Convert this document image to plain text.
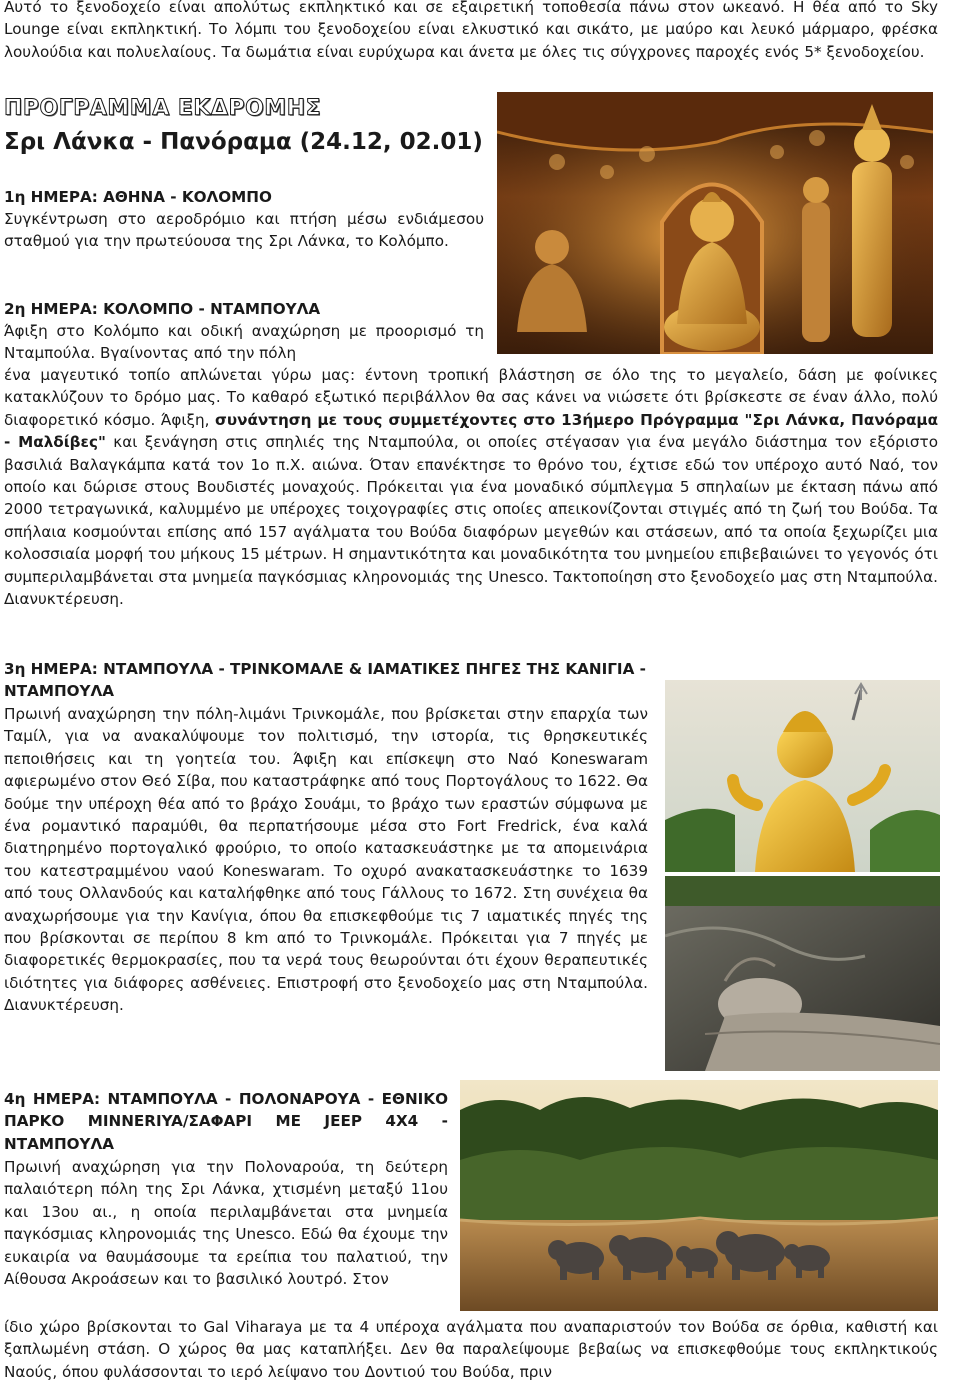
Αυτό το ξενοδοχείο είναι απολύτως εκπληκτικό και σε εξαιρετική τοποθεσία πάνω στον ωκεανό. Η θέα από το Sky Lounge είναι εκπληκτική. Το λόμπι του ξενοδοχείου είναι ελκυστικό και σικάτο, με μαύρο και λευκό μάρμαρο, φρέσκα λουλούδια και πολυελαίους. Τα δωμάτια είναι ευρύχωρα και άνετα με όλες τις σύγχρονες παροχές ενός 5* ξενοδοχείου.

ΠΡΟΓΡΑΜΜΑ ΕΚΔΡΟΜΗΣ
Σρι Λάνκα - Πανόραμα (24.12, 02.01)

1η ΗΜΕΡΑ: ΑΘΗΝΑ - ΚΟΛΟΜΠΟ

Συγκέντρωση στο αεροδρόμιο και πτήση μέσω ενδιάμεσου σταθμού για την πρωτεύουσα της Σρι Λάνκα, το Κολόμπο.

2η ΗΜΕΡΑ: ΚΟΛΟΜΠΟ - ΝΤΑΜΠΟΥΛΑ

Άφιξη στο Κολόμπο και οδική αναχώρηση με προορισμό τη Νταμπούλα. Βγαίνοντας από την πόλη

ένα μαγευτικό τοπίο απλώνεται γύρω μας: έντονη τροπική βλάστηση σε όλο της το μεγαλείο, δάση με φοίνικες κατακλύζουν το δρόμο μας. Το καθαρό εξωτικό περιβάλλον θα σας κάνει να νιώσετε ότι βρίσκεστε σε έναν άλλο, πολύ διαφορετικό κόσμο. Άφιξη, συνάντηση με τους συμμετέχοντες στο 13ήμερο Πρόγραμμα "Σρι Λάνκα, Πανόραμα - Μαλδίβες" και ξενάγηση στις σπηλιές της Νταμπούλα, οι οποίες στέγασαν για ένα μεγάλο διάστημα τον εξόριστο βασιλιά Βαλαγκάμπα κατά τον 1ο π.Χ. αιώνα. Όταν επανέκτησε το θρόνο του, έχτισε εδώ τον υπέροχο αυτό Ναό, τον οποίο και δώρισε στους Βουδιστές μοναχούς. Πρόκειται για ένα μοναδικό σύμπλεγμα 5 σπηλαίων με έκταση πάνω από 2000 τετραγωνικά, καλυμμένο με υπέροχες τοιχογραφίες στις οποίες απεικονίζονται στιγμές από τη ζωή του Βούδα. Τα σπήλαια κοσμούνται επίσης από 157 αγάλματα του Βούδα διαφόρων μεγεθών και στάσεων, από τα οποία ξεχωρίζει μια κολοσσιαία μορφή του μήκους 15 μέτρων. Η σημαντικότητα και μοναδικότητα του μνημείου επιβεβαιώνει το γεγονός ότι συμπεριλαμβάνεται στα μνημεία παγκόσμιας κληρονομιάς της Unesco. Τακτοποίηση στο ξενοδοχείο μας στη Νταμπούλα. Διανυκτέρευση.

3η ΗΜΕΡΑ: ΝΤΑΜΠΟΥΛΑ - ΤΡΙΝΚΟΜΑΛΕ & ΙΑΜΑΤΙΚΕΣ ΠΗΓΕΣ ΤΗΣ ΚΑΝΙΓΙΑ - ΝΤΑΜΠΟΥΛΑ

Πρωινή αναχώρηση την πόλη-λιμάνι Τρινκομάλε, που βρίσκεται στην επαρχία των Ταμίλ, για να ανακαλύψουμε τον πολιτισμό, την ιστορία, τις θρησκευτικές πεποιθήσεις και τη γοητεία του. Άφιξη και επίσκεψη στο Ναό Koneswaram αφιερωμένο στον Θεό Σίβα, που καταστράφηκε από τους Πορτογάλους το 1622. Θα δούμε την υπέροχη θέα από το βράχο Σουάμι, το βράχο των εραστών σύμφωνα με ένα ρομαντικό παραμύθι, θα περπατήσουμε μέσα στο Fort Fredrick, ένα καλά διατηρημένο πορτογαλικό φρούριο, το οποίο κατασκευάστηκε με τα απομεινάρια του κατεστραμμένου ναού Koneswaram. Το οχυρό ανακατασκευάστηκε το 1639 από τους Ολλανδούς και καταλήφθηκε από τους Γάλλους το 1672. Στη συνέχεια θα αναχωρήσουμε για την Κανίγια, όπου θα επισκεφθούμε τις 7 ιαματικές πηγές της που βρίσκονται σε περίπου 8 km από το Τρινκομάλε. Πρόκειται για 7 πηγές με διαφορετικές θερμοκρασίες, που τα νερά τους θεωρούνται ότι έχουν θεραπευτικές ιδιότητες για διάφορες ασθένειες. Επιστροφή στο ξενοδοχείο μας στη Νταμπούλα. Διανυκτέρευση.

4η ΗΜΕΡΑ: ΝΤΑΜΠΟΥΛΑ - ΠΟΛΟΝΑΡΟΥΑ - ΕΘΝΙΚΟ ΠΑΡΚΟ MINNERIYA/ΣΑΦΑΡΙ ΜΕ JEEP 4X4 - ΝΤΑΜΠΟΥΛΑ

Πρωινή αναχώρηση για την Πολοναρούα, τη δεύτερη παλαιότερη πόλη της Σρι Λάνκα, χτισμένη μεταξύ 11ου και 13ου αι., η οποία περιλαμβάνεται στα μνημεία παγκόσμιας κληρονομιάς της Unesco. Εδώ θα έχουμε την ευκαιρία να θαυμάσουμε τα ερείπια του παλατιού, την Αίθουσα Ακροάσεων και το βασιλικό λουτρό. Στον

ίδιο χώρο βρίσκονται το Gal Viharaya με τα 4 υπέροχα αγάλματα που αναπαριστούν τον Βούδα σε όρθια, καθιστή και ξαπλωμένη στάση. Ο χώρος θα μας καταπλήξει. Δεν θα παραλείψουμε βεβαίως να επισκεφθούμε τους εκπληκτικούς Ναούς, όπου φυλάσσονται το ιερό λείψανο του Δοντιού του Βούδα, πριν
